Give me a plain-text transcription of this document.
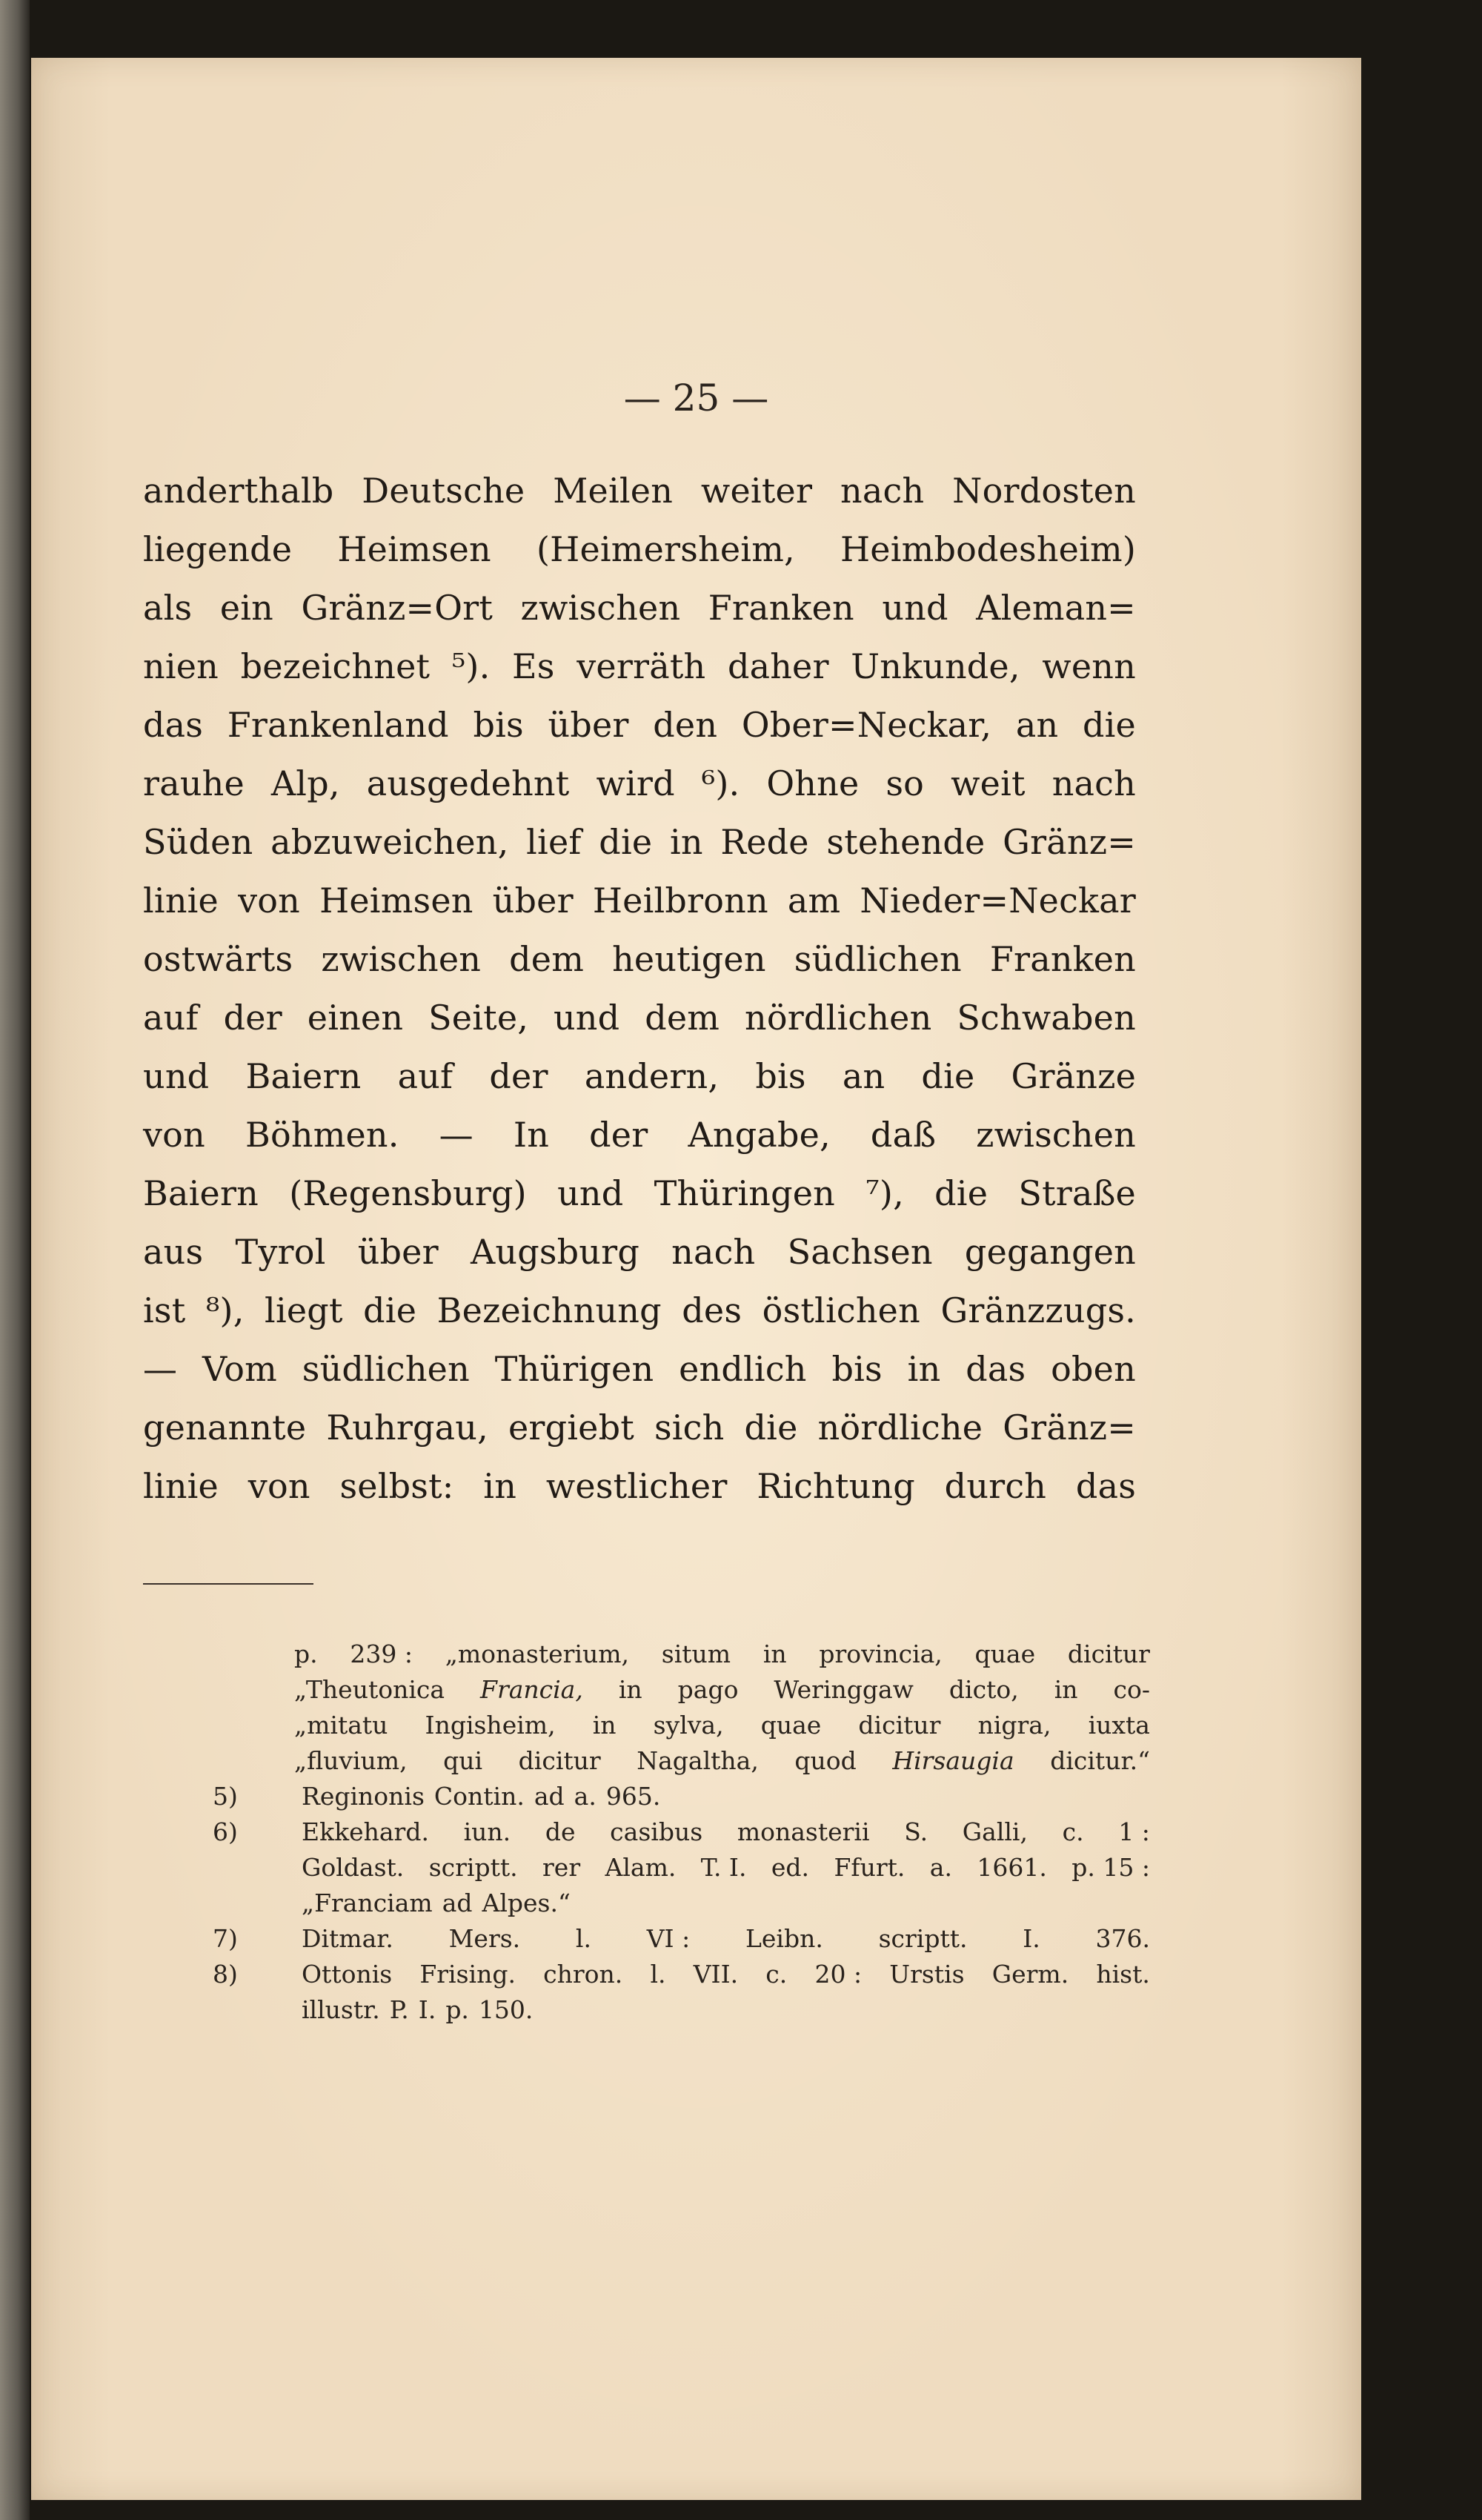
— 25 —
anderthalb Deutsche Meilen weiter nach Nordosten
liegende Heimsen (Heimersheim, Heimbodesheim)
als ein Gränz=Ort zwischen Franken und Aleman=
nien bezeichnet ⁵). Es verräth daher Unkunde, wenn
das Frankenland bis über den Ober=Neckar, an die
rauhe Alp, ausgedehnt wird ⁶). Ohne so weit nach
Süden abzuweichen, lief die in Rede stehende Gränz=
linie von Heimsen über Heilbronn am Nieder=Neckar
ostwärts zwischen dem heutigen südlichen Franken
auf der einen Seite, und dem nördlichen Schwaben
und Baiern auf der andern, bis an die Gränze
von Böhmen. — In der Angabe, daß zwischen
Baiern (Regensburg) und Thüringen ⁷), die Straße
aus Tyrol über Augsburg nach Sachsen gegangen
ist ⁸), liegt die Bezeichnung des östlichen Gränzzugs.
— Vom südlichen Thürigen endlich bis in das oben
genannte Ruhrgau, ergiebt sich die nördliche Gränz=
linie von selbst: in westlicher Richtung durch das
p. 239 : „monasterium, situm in provincia, quae dicitur
„Theutonica Francia, in pago Weringgaw dicto, in co-
„mitatu Ingisheim, in sylva, quae dicitur nigra, iuxta
„fluvium, qui dicitur Nagaltha, quod Hirsaugia dicitur.“
5)	Reginonis Contin. ad a. 965.
6)	Ekkehard. iun. de casibus monasterii S. Galli, c. 1 :
Goldast. scriptt. rer Alam. T. I. ed. Ffurt. a. 1661. p. 15 :
„Franciam ad Alpes.“
7)	Ditmar. Mers. l. VI : Leibn. scriptt. I. 376.
8)	Ottonis Frising. chron. l. VII. c. 20 : Urstis Germ. hist.
illustr. P. I. p. 150.
